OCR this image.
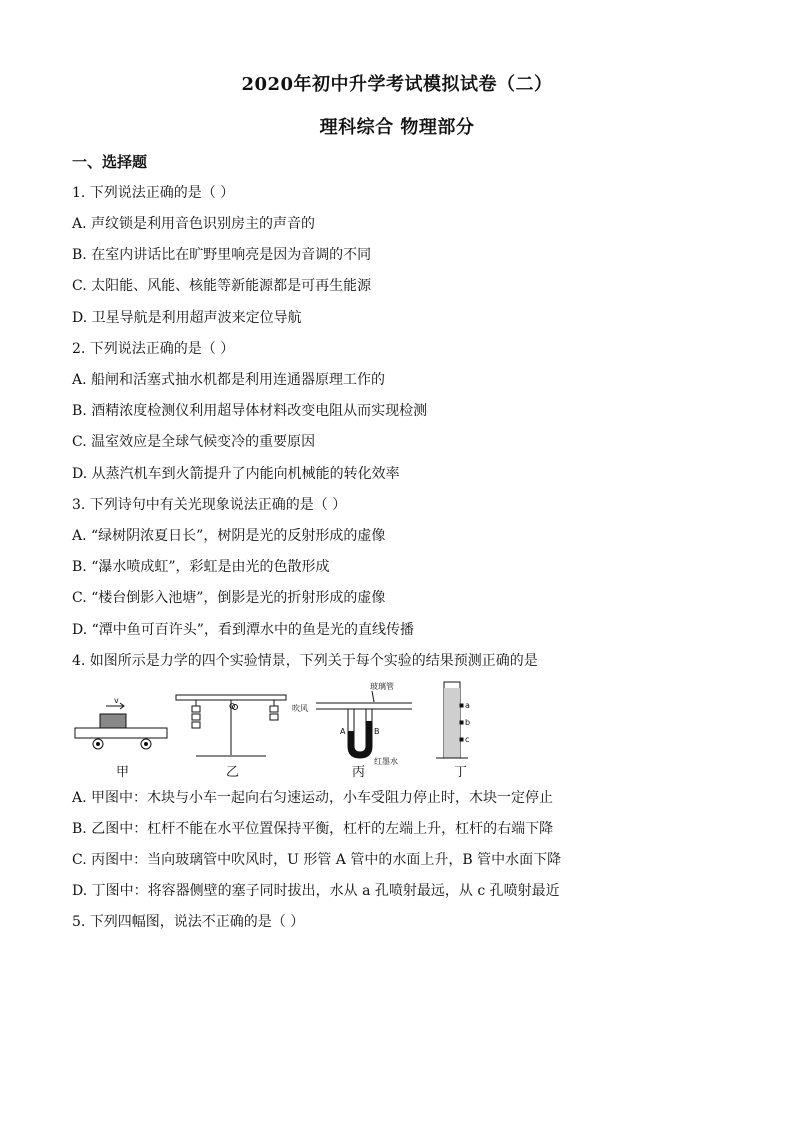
2020年初中升学考试模拟试卷（二）
理科综合 物理部分
一、选择题
1. 下列说法正确的是（ ）
A. 声纹锁是利用音色识别房主的声音的
B. 在室内讲话比在旷野里响亮是因为音调的不同
C. 太阳能、风能、核能等新能源都是可再生能源
D. 卫星导航是利用超声波来定位导航
2. 下列说法正确的是（ ）
A. 船闸和活塞式抽水机都是利用连通器原理工作的
B. 酒精浓度检测仪利用超导体材料改变电阻从而实现检测
C. 温室效应是全球气候变冷的重要原因
D. 从蒸汽机车到火箭提升了内能向机械能的转化效率
3. 下列诗句中有关光现象说法正确的是（ ）
A. “绿树阴浓夏日长”，树阴是光的反射形成的虚像
B. “瀑水喷成虹”，彩虹是由光的色散形成
C. “楼台倒影入池塘”，倒影是光的折射形成的虚像
D. “潭中鱼可百许头”，看到潭水中的鱼是光的直线传播
4. 如图所示是力学的四个实验情景，下列关于每个实验的结果预测正确的是
v
O
玻璃管
吹风
A	B
红墨水
a
b
c
甲	乙	丙	丁
A. 甲图中：木块与小车一起向右匀速运动，小车受阻力停止时，木块一定停止
B. 乙图中：杠杆不能在水平位置保持平衡，杠杆的左端上升，杠杆的右端下降
C. 丙图中：当向玻璃管中吹风时，U 形管 A 管中的水面上升，B 管中水面下降
D. 丁图中：将容器侧壁的塞子同时拔出，水从 a 孔喷射最远，从 c 孔喷射最近
5. 下列四幅图，说法不正确的是（ ）
